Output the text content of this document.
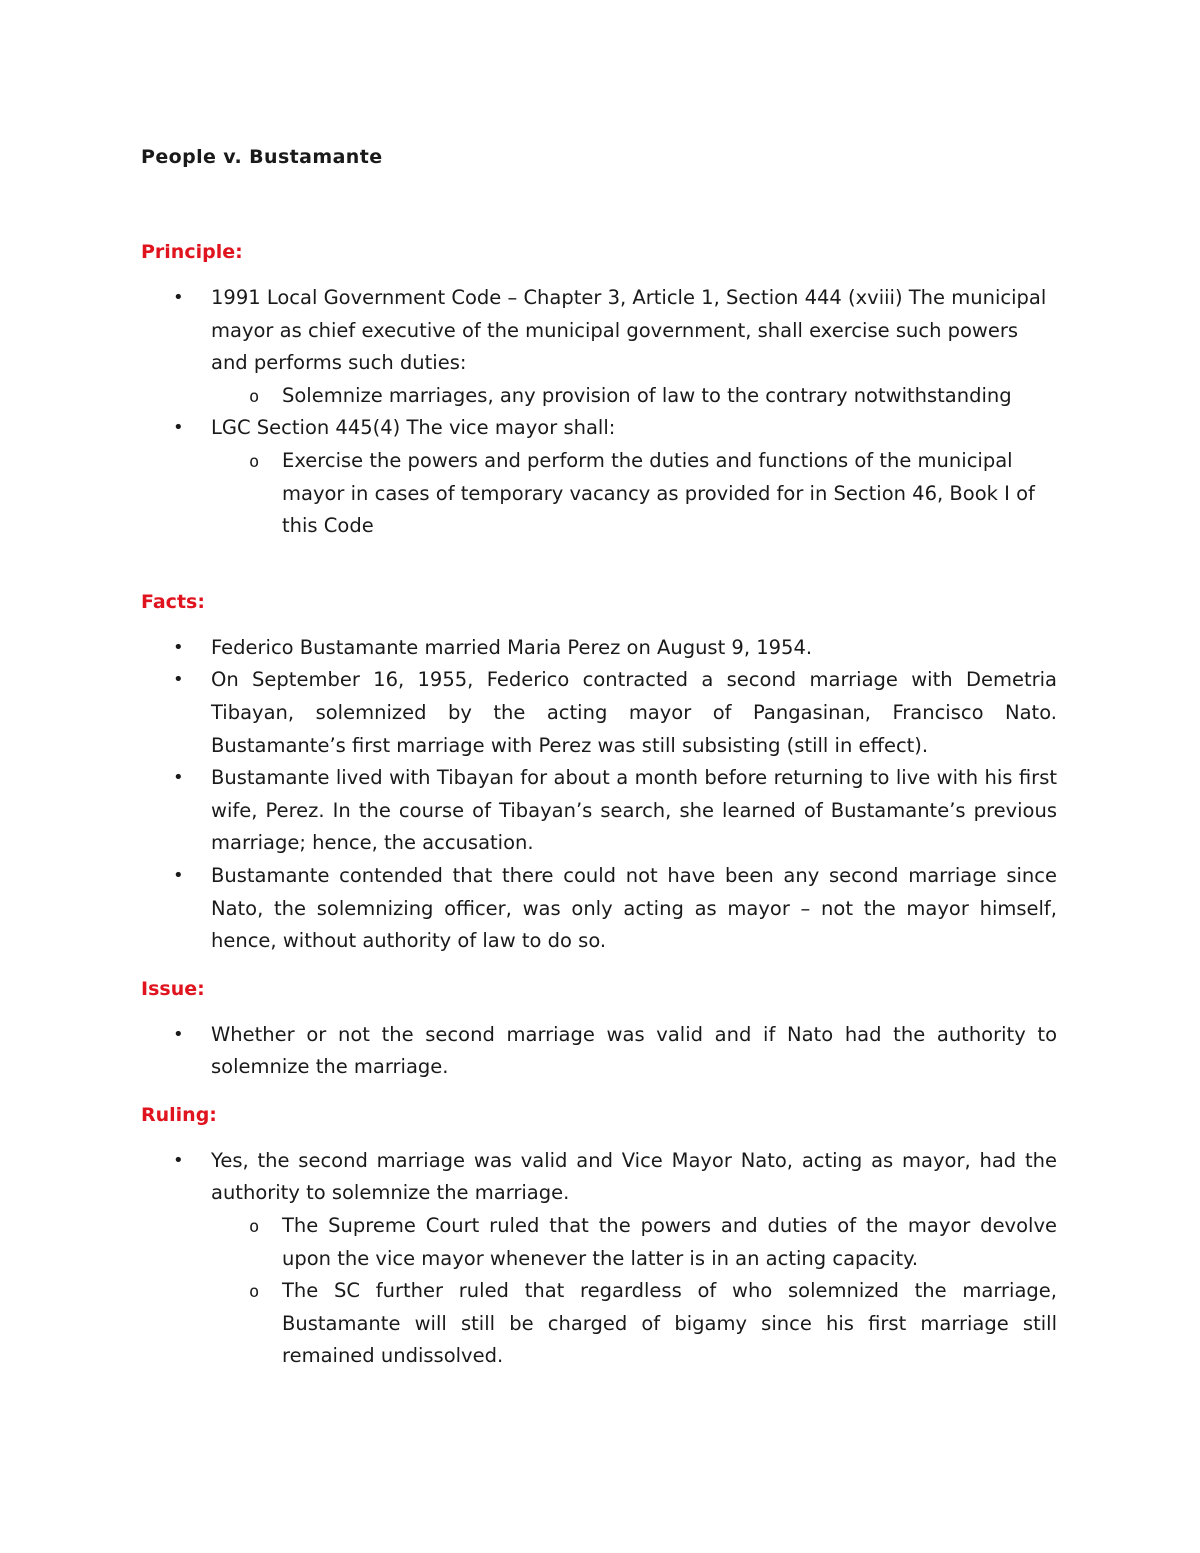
People v. Bustamante

Principle:

• 1991 Local Government Code – Chapter 3, Article 1, Section 444 (xviii) The municipal mayor as chief executive of the municipal government, shall exercise such powers and performs such duties:
o Solemnize marriages, any provision of law to the contrary notwithstanding
• LGC Section 445(4) The vice mayor shall:
o Exercise the powers and perform the duties and functions of the municipal mayor in cases of temporary vacancy as provided for in Section 46, Book I of this Code

Facts:

• Federico Bustamante married Maria Perez on August 9, 1954.
• On September 16, 1955, Federico contracted a second marriage with Demetria Tibayan, solemnized by the acting mayor of Pangasinan, Francisco Nato. Bustamante’s first marriage with Perez was still subsisting (still in effect).
• Bustamante lived with Tibayan for about a month before returning to live with his first wife, Perez. In the course of Tibayan’s search, she learned of Bustamante’s previous marriage; hence, the accusation.
• Bustamante contended that there could not have been any second marriage since Nato, the solemnizing officer, was only acting as mayor – not the mayor himself, hence, without authority of law to do so.

Issue:

• Whether or not the second marriage was valid and if Nato had the authority to solemnize the marriage.

Ruling:

• Yes, the second marriage was valid and Vice Mayor Nato, acting as mayor, had the authority to solemnize the marriage.
o The Supreme Court ruled that the powers and duties of the mayor devolve upon the vice mayor whenever the latter is in an acting capacity.
o The SC further ruled that regardless of who solemnized the marriage, Bustamante will still be charged of bigamy since his first marriage still remained undissolved.
